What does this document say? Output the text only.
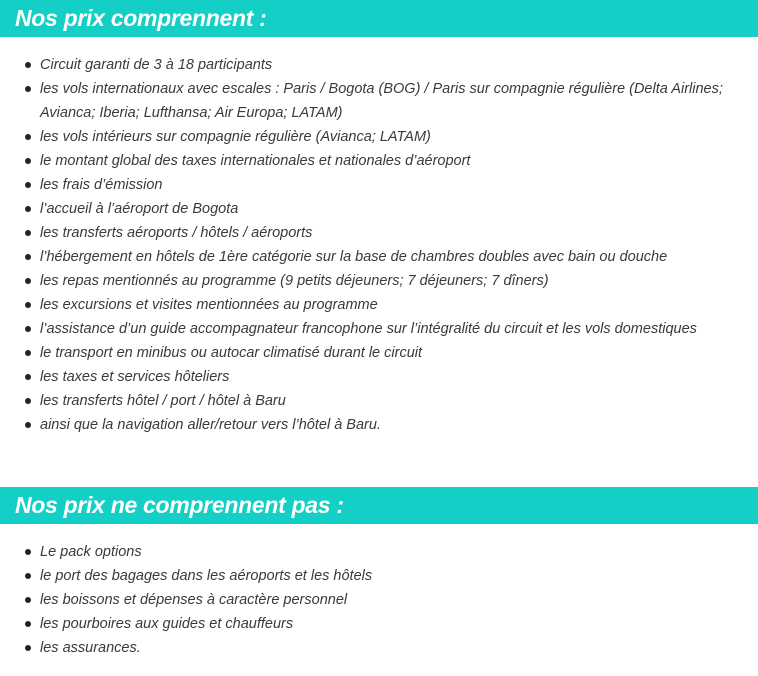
Nos prix comprennent :
Circuit garanti de 3 à 18 participants
les vols internationaux avec escales : Paris / Bogota (BOG) / Paris sur compagnie régulière (Delta Airlines; Avianca; Iberia; Lufthansa; Air Europa; LATAM)
les vols intérieurs sur compagnie régulière (Avianca; LATAM)
le montant global des taxes internationales et nationales d’aéroport
les frais d’émission
l’accueil à l’aéroport de Bogota
les transferts aéroports / hôtels / aéroports
l’hébergement en hôtels de 1ère catégorie sur la base de chambres doubles avec bain ou douche
les repas mentionnés au programme (9 petits déjeuners; 7 déjeuners; 7 dîners)
les excursions et visites mentionnées au programme
l’assistance d’un guide accompagnateur francophone sur l’intégralité du circuit et les vols domestiques
le transport en minibus ou autocar climatisé durant le circuit
les taxes et services hôteliers
les transferts hôtel / port / hôtel à Baru
ainsi que la navigation aller/retour vers l’hôtel à Baru.
Nos prix ne comprennent pas :
Le pack options
le port des bagages dans les aéroports et les hôtels
les boissons et dépenses à caractère personnel
les pourboires aux guides et chauffeurs
les assurances.
